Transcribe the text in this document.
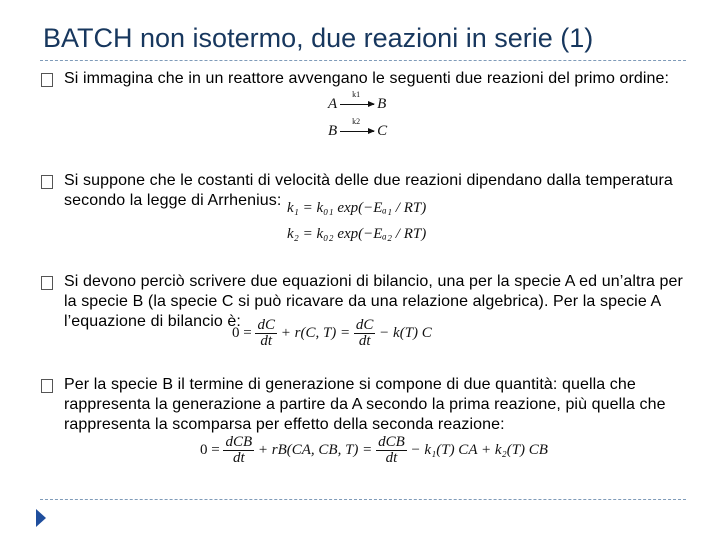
BATCH non isotermo, due reazioni in serie (1)
Si immagina che in un reattore avvengano le seguenti due reazioni del primo ordine:
A
k1
B
B
k2
C
Si suppone che le costanti di velocità delle due reazioni dipendano dalla temperatura secondo la legge di Arrhenius: k₁ = k₀₁ exp(−Eₐ₁ / RT)
k₂ = k₀₂ exp(−Eₐ₂ / RT)
Si devono perciò scrivere due equazioni di bilancio, una per la specie A ed un’altra per la specie B (la specie C si può ricavare da una relazione algebrica). Per la specie A l’equazione di bilancio è:
$0 = \frac{dC}{dt} + r(C$, $T) = \frac{dC}{dt} - k(T)$ C
Per la specie B il termine di generazione si compone di due quantità: quella che rappresenta la generazione a partire da A secondo la prima reazione, più quella che rappresenta la scomparsa per effetto della seconda reazione:
$0 = \frac{\text{dCB}}{dt} + rB(CA$, CB, $T) = \frac{\text{dCB}}{dt} - k_1(T)$ CA + k₂(T) CB
